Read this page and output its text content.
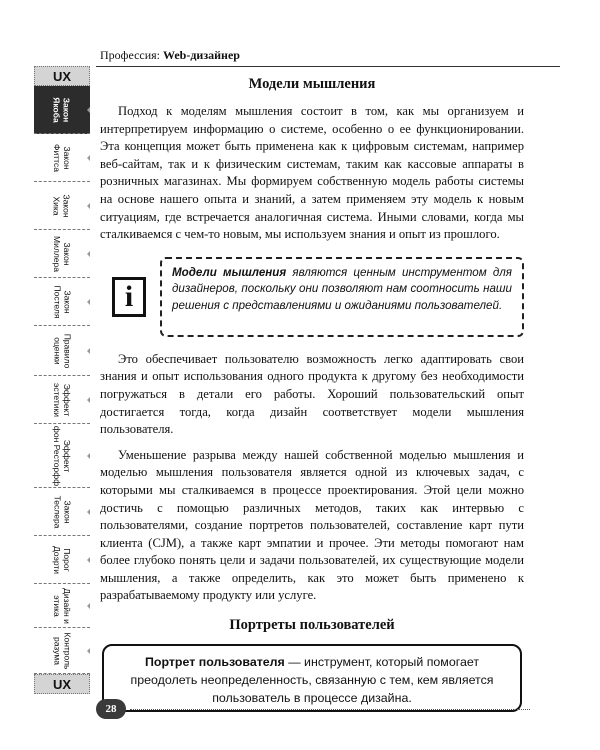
Профессия: Web-дизайнер
UX
Закон
Якоба
Закон
Фиттса
Закон
Хика
Закон
Миллера
Закон
Постеля
Правило
оценки
Эффект
эстетики
Эффект
фон Ресторфф
Закон
Теслера
Порог
Доэрти
Дизайн и
этика
Контроль
разума
UX
Модели мышления

Подход к моделям мышления состоит в том, как мы организуем и интерпретируем информацию о системе, особенно о ее функционировании. Эта концепция может быть применена как к цифровым системам, например веб-сайтам, так и к физическим системам, таким как кассовые аппараты в розничных магазинах. Мы формируем собственную модель работы системы на основе нашего опыта и знаний, а затем применяем эту модель к новым ситуациям, где встречается аналогичная система. Иными словами, когда мы сталкиваемся с чем-то новым, мы используем знания и опыт из прошлого.

Модели мышления являются ценным инструментом для дизайнеров, поскольку они позволяют нам соотносить наши решения с представлениями и ожиданиями пользователей.

Это обеспечивает пользователю возможность легко адаптировать свои знания и опыт использования одного продукта к другому без необходимости погружаться в детали его работы. Хороший пользовательский опыт достигается тогда, когда дизайн соответствует модели мышления пользователя.

Уменьшение разрыва между нашей собственной моделью мышления и моделью мышления пользователя является одной из ключевых задач, с которыми мы сталкиваемся в процессе проектирования. Этой цели можно достичь с помощью различных методов, таких как интервью с пользователями, создание портретов пользователей, составление карт пути клиента (CJM), а также карт эмпатии и прочее. Эти методы помогают нам более глубоко понять цели и задачи пользователей, их существующие модели мышления, а также определить, как это может быть применено к разрабатываемому продукту или услуге.

Портреты пользователей
Портрет пользователя — инструмент, который помогает преодолеть неопределенность, связанную с тем, кем является пользователь в процессе дизайна.
i
28
